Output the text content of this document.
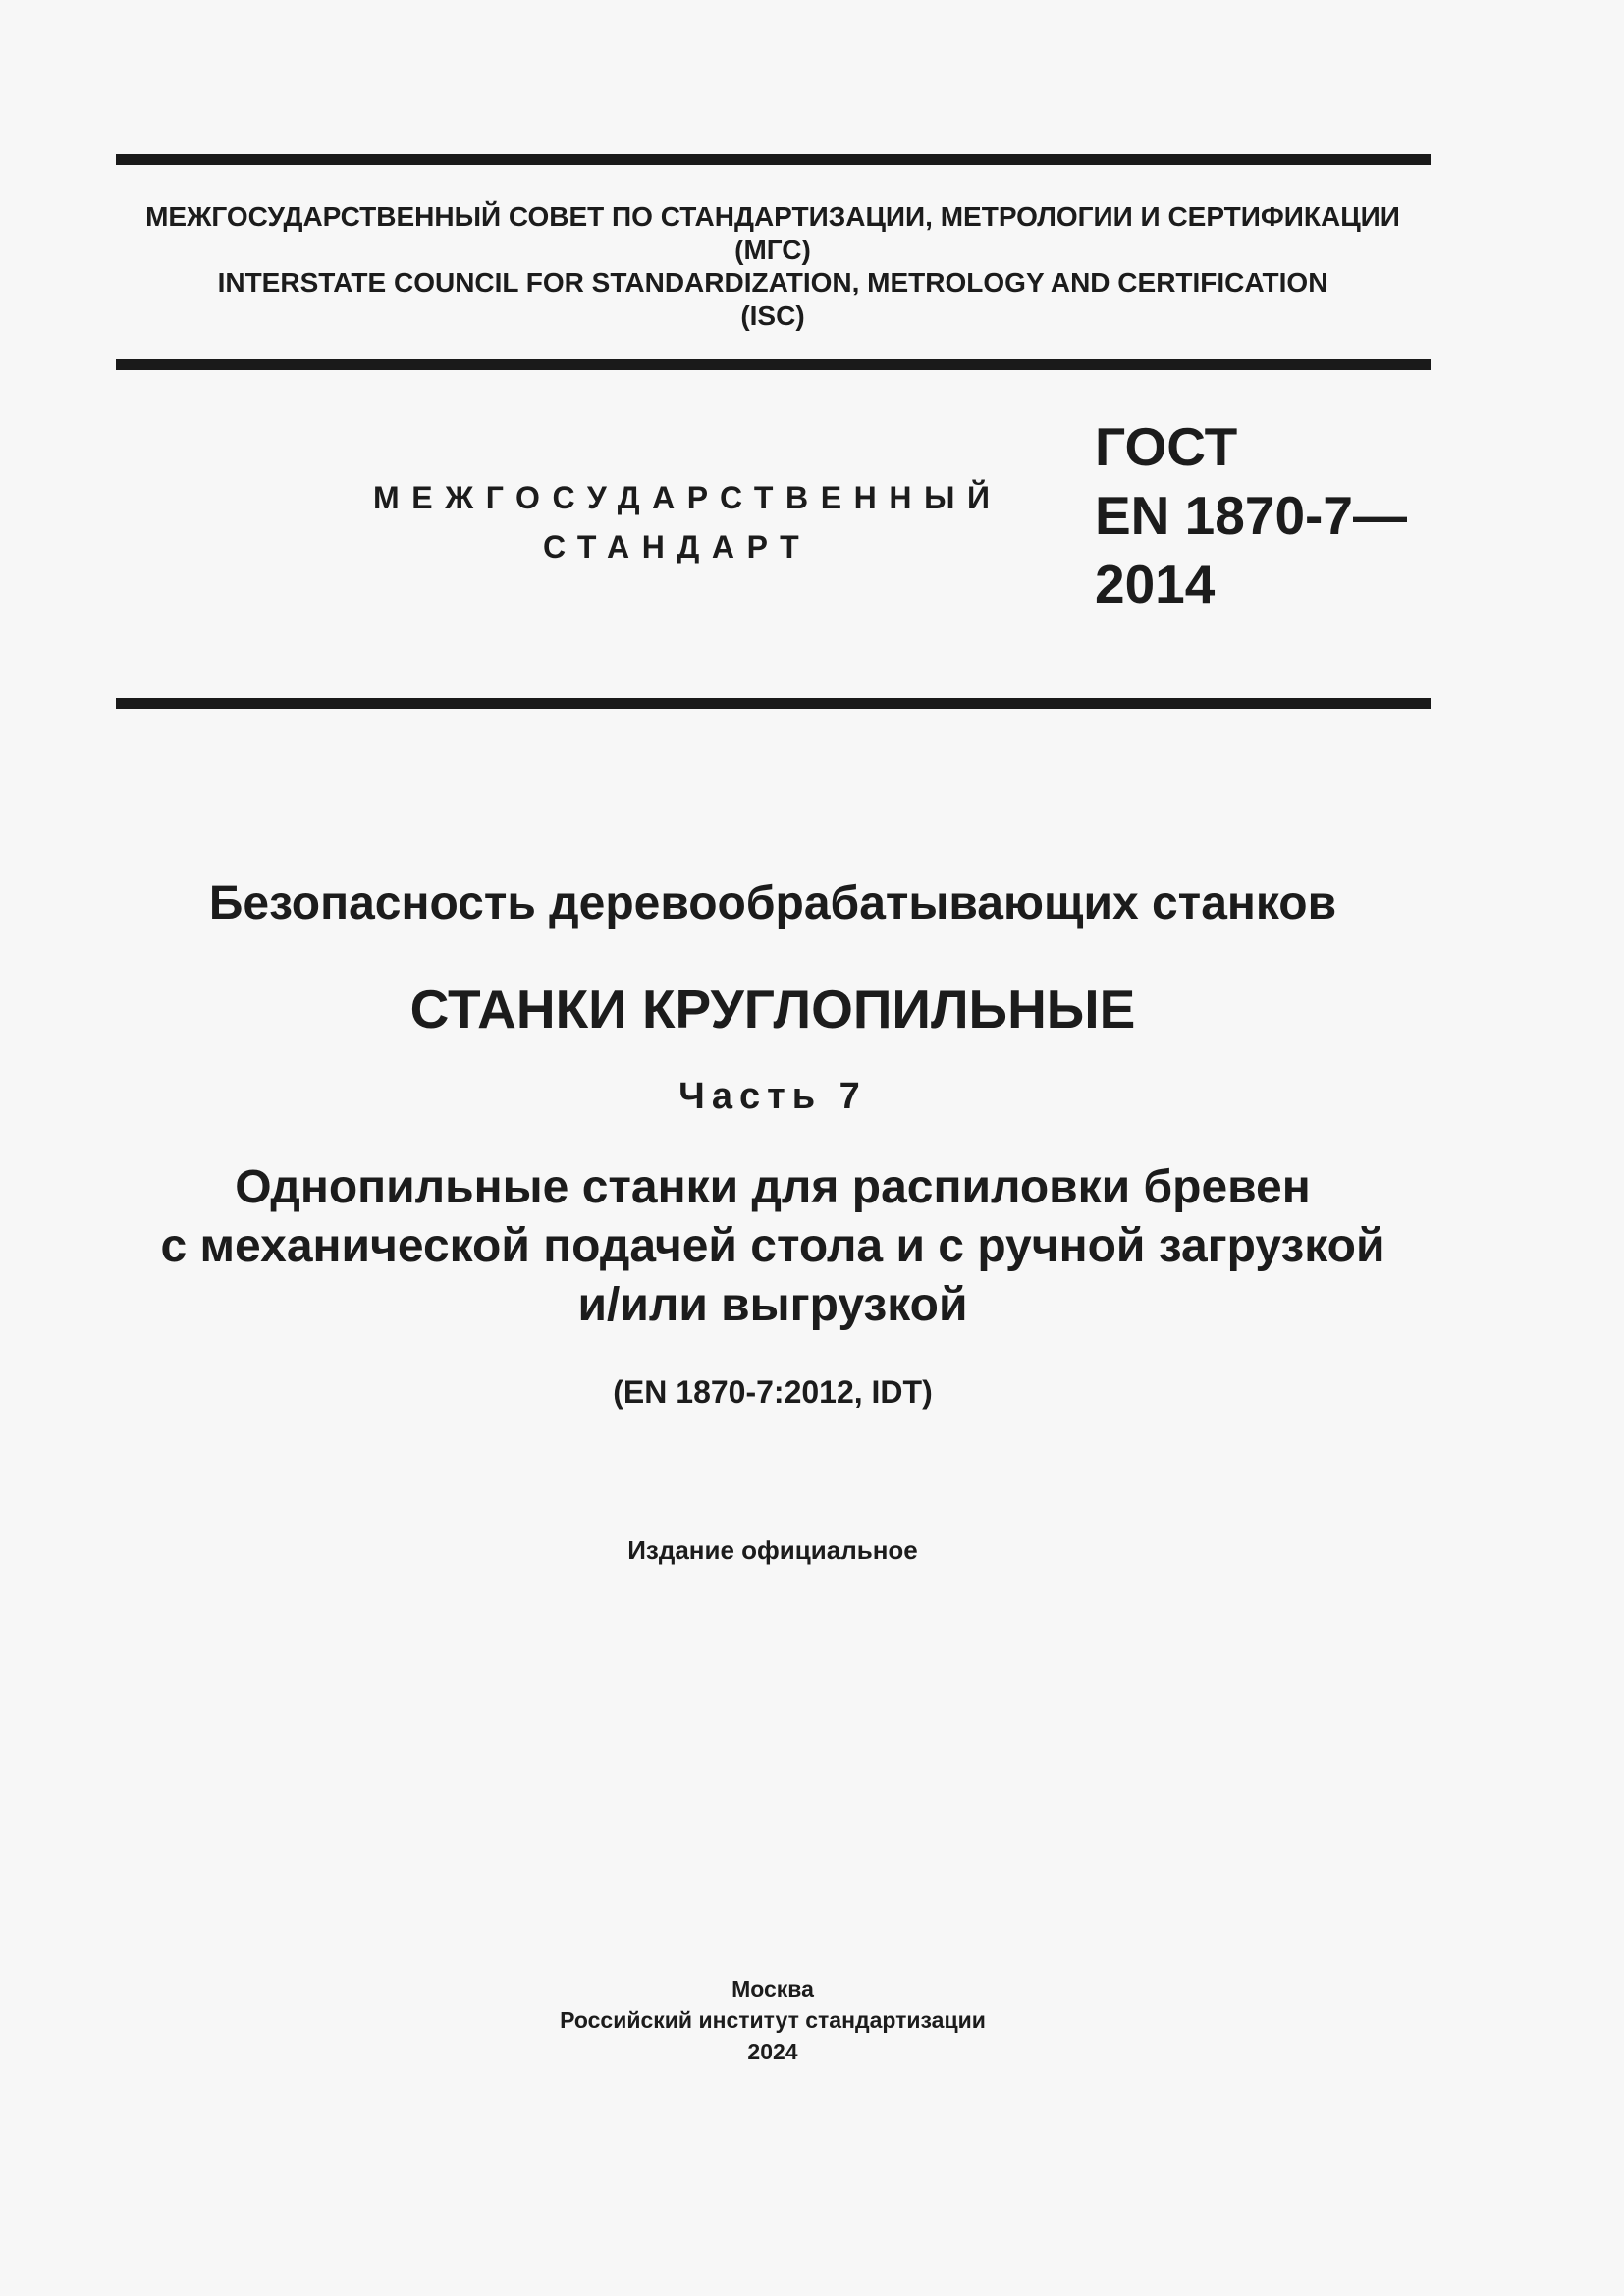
МЕЖГОСУДАРСТВЕННЫЙ СОВЕТ ПО СТАНДАРТИЗАЦИИ, МЕТРОЛОГИИ И СЕРТИФИКАЦИИ
(МГС)
INTERSTATE COUNCIL FOR STANDARDIZATION, METROLOGY AND CERTIFICATION
(ISC)
МЕЖГОСУДАРСТВЕННЫЙ
СТАНДАРТ
ГОСТ
EN 1870-7—
2014
Безопасность деревообрабатывающих станков
СТАНКИ КРУГЛОПИЛЬНЫЕ
Часть 7
Однопильные станки для распиловки бревен
с механической подачей стола и с ручной загрузкой
и/или выгрузкой
(EN 1870-7:2012, IDT)
Издание официальное
Москва
Российский институт стандартизации
2024
